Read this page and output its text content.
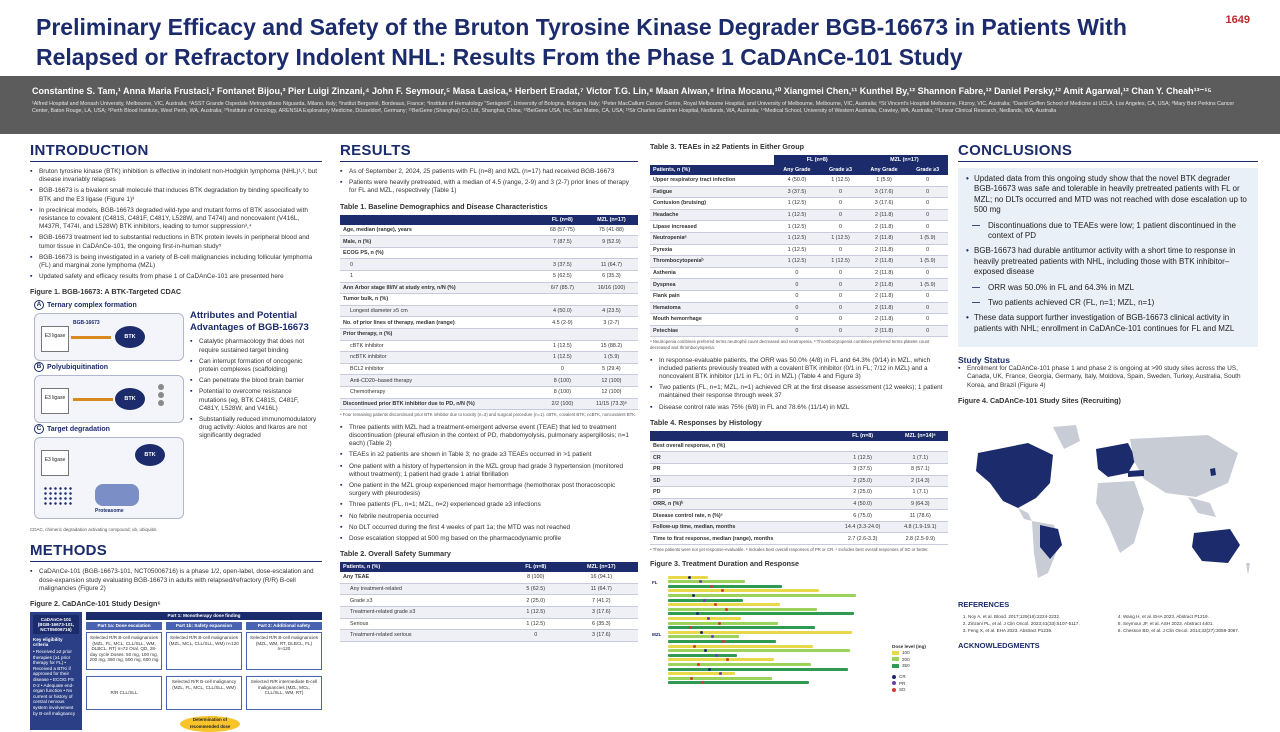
Preliminary Efficacy and Safety of the Bruton Tyrosine Kinase Degrader BGB-16673 in Patients With Relapsed or Refractory Indolent NHL: Results From the Phase 1 CaDAnCe-101 Study
1649
Constantine S. Tam,¹ Anna Maria Frustaci,² Fontanet Bijou,³ Pier Luigi Zinzani,⁴ John F. Seymour,⁵ Masa Lasica,⁶ Herbert Eradat,⁷ Victor T.G. Lin,⁸ Maan Alwan,⁹ Irina Mocanu,¹⁰ Xiangmei Chen,¹¹ Kunthel By,¹² Shannon Fabre,¹² Daniel Persky,¹² Amit Agarwal,¹² Chan Y. Cheah¹³⁻¹⁵
¹Alfred Hospital and Monash University, Melbourne, VIC, Australia; ²ASST Grande Ospedale Metropolitano Niguarda, Milano, Italy; ³Institut Bergonié, Bordeaux, France; ⁴Institute of Hematology "Seràgnoli", University of Bologna, Bologna, Italy; ⁵Peter MacCallum Cancer Centre, Royal Melbourne Hospital, and University of Melbourne, Melbourne, VIC, Australia; ⁶St Vincent's Hospital Melbourne, Fitzroy, VIC, Australia; ⁷David Geffen School of Medicine at UCLA, Los Angeles, CA, USA; ⁸Mary Bird Perkins Cancer Center, Baton Rouge, LA, USA; ⁹Perth Blood Institute, West Perth, WA, Australia; ¹⁰Institute of Oncology, ARENSIA Exploratory Medicine, Düsseldorf, Germany; ¹¹BeiGene (Shanghai) Co, Ltd, Shanghai, China; ¹²BeiGene USA, Inc, San Mateo, CA, USA; ¹³Sir Charles Gairdner Hospital, Nedlands, WA, Australia; ¹⁴Medical School, University of Western Australia, Crawley, WA, Australia; ¹⁵Linear Clinical Research, Nedlands, WA, Australia
INTRODUCTION
▪ Bruton tyrosine kinase (BTK) inhibition is effective in indolent non-Hodgkin lymphoma (NHL)¹,², but disease invariably relapses
▪ BGB-16673 is a bivalent small molecule that induces BTK degradation by binding specifically to BTK and the E3 ligase (Figure 1)³
▪ In preclinical models, BGB-16673 degraded wild-type and mutant forms of BTK associated with resistance to covalent (C481S, C481F, C481Y, L528W, and T474I) and noncovalent (V416L, M437R, T474I, and L528W) BTK inhibitors, leading to tumor suppression³,⁴
▪ BGB-16673 treatment led to substantial reductions in BTK protein levels in peripheral blood and tumor tissue in CaDAnCe-101, the ongoing first-in-human study⁵
▪ BGB-16673 is being investigated in a variety of B-cell malignancies including follicular lymphoma (FL) and marginal zone lymphoma (MZL)
▪ Updated safety and efficacy results from phase 1 of CaDAnCe-101 are presented here
Figure 1. BGB-16673: A BTK-Targeted CDAC
A Ternary complex formation
E3 ligase
BGB-16673
BTK
B Polyubiquitination
E3 ligase	BTK
C Target degradation
E3 ligase
BTK
Proteasome
Attributes and Potential Advantages of BGB-16673
▪ Catalytic pharmacology that does not require sustained target binding
▪ Can interrupt formation of oncogenic protein complexes (scaffolding)
▪ Can penetrate the blood brain barrier
▪ Potential to overcome resistance mutations (eg, BTK C481S, C481F, C481Y, L528W, and V416L)
▪ Substantially reduced immunomodulatory drug activity: Aiolos and Ikaros are not significantly degraded
CDAC, chimeric degradation activating compound; ub, ubiquitin.
METHODS
▪ CaDAnCe-101 (BGB-16673-101, NCT05006716) is a phase 1/2, open-label, dose-escalation and dose-expansion study evaluating BGB-16673 in adults with relapsed/refractory (R/R) B-cell malignancies (Figure 2)
Figure 2. CaDAnCe-101 Study Design⁶
CaDAnCe-101 (BGB-16673-101, NCT05006716)
Key eligibility criteria
• Received ≥2 prior therapies (≥1 prior therapy for FL) • Received a BTKi if approved for their disease • ECOG PS 0-2 • Adequate end-organ function • No current or history of central nervous system involvement by B-cell malignancy
Part 1: Monotherapy dose finding
Part 1a: Dose escalation	Part 1b: Safety expansion	Part 2: Additional safety
Selected R/R B-cell malignancies (MZL, FL, MCL, CLL/SLL, WM, DLBCL, RT) n≈72 Oral, QD, 28-day cycle Doses: 50 mg, 100 mg, 200 mg, 350 mg, 500 mg, 600 mg
Selected R/R B-cell malignancies (MZL, MCL, CLL/SLL, WM) n≈120
Selected R/R B-cell malignancies (MZL, WM, RT, DLBCL, FL) n≈120
R/R CLL/SLL
Selected R/R B-cell malignancy (MZL, FL, MCL, CLL/SLL, WM)
Selected R/R intermediate B-cell malignancies (MZL, MCL, CLL/SLL, WM, RT)
Determination of recommended dose
RESULTS
▪ As of September 2, 2024, 25 patients with FL (n=8) and MZL (n=17) had received BGB-16673
▪ Patients were heavily pretreated, with a median of 4.5 (range, 2-9) and 3 (2-7) prior lines of therapy for FL and MZL, respectively (Table 1)
Table 1. Baseline Demographics and Disease Characteristics
	FL (n=8)	MZL (n=17)
Age, median (range), years	68 (57-75)	75 (41-88)
Male, n (%)	7 (87.5)	9 (52.9)
ECOG PS, n (%)		
0	3 (37.5)	11 (64.7)
1	5 (62.5)	6 (35.3)
Ann Arbor stage III/IV at study entry, n/N (%)	6/7 (85.7)	16/16 (100)
Tumor bulk, n (%)		
Longest diameter ≥5 cm	4 (50.0)	4 (23.5)
No. of prior lines of therapy, median (range)	4.5 (2-9)	3 (2-7)
Prior therapy, n (%)		
cBTK inhibitor	1 (12.5)	15 (88.2)
ncBTK inhibitor	1 (12.5)	1 (5.9)
BCL2 inhibitor	0	5 (29.4)
Anti-CD20–based therapy	8 (100)	12 (100)
Chemotherapy	8 (100)	12 (100)
Discontinued prior BTK inhibitor due to PD, n/N (%)	2/2 (100)	11/15 (73.3)ᵃ
ᵃ Four remaining patients discontinued prior BTK inhibitor due to toxicity (n=3) and surgical procedure (n=1). cBTK, covalent BTK; ncBTK, noncovalent BTK.
▪ Three patients with MZL had a treatment-emergent adverse event (TEAE) that led to treatment discontinuation (pleural effusion in the context of PD, rhabdomyolysis, pulmonary aspergillosis; n=1 each) (Table 2)
▪ TEAEs in ≥2 patients are shown in Table 3; no grade ≥3 TEAEs occurred in >1 patient
▪ One patient with a history of hypertension in the MZL group had grade 3 hypertension (monitored without treatment); 1 patient had grade 1 atrial fibrillation
▪ One patient in the MZL group experienced major hemorrhage (hemothorax post thoracoscopic surgery with pleurodesis)
▪ Three patients (FL, n=1; MZL, n=2) experienced grade ≥3 infections
▪ No febrile neutropenia occurred
▪ No DLT occurred during the first 4 weeks of part 1a; the MTD was not reached
▪ Dose escalation stopped at 500 mg based on the pharmacodynamic profile
Table 2. Overall Safety Summary
Patients, n (%)	FL (n=8)	MZL (n=17)
Any TEAE	8 (100)	16 (94.1)
Any treatment-related	5 (62.5)	11 (64.7)
Grade ≥3	2 (25.0)	7 (41.2)
Treatment-related grade ≥3	1 (12.5)	3 (17.6)
Serious	1 (12.5)	6 (35.3)
Treatment-related serious	0	3 (17.6)
Table 3. TEAEs in ≥2 Patients in Either Group
	FL (n=8)		MZL (n=17)	
Patients, n (%)	Any Grade	Grade ≥3	Any Grade	Grade ≥3
Upper respiratory tract infection	4 (50.0)	1 (12.5)	1 (5.9)	0
Fatigue	3 (37.5)	0	3 (17.6)	0
Contusion (bruising)	1 (12.5)	0	3 (17.6)	0
Headache	1 (12.5)	0	2 (11.8)	0
Lipase increased	1 (12.5)	0	2 (11.8)	0
Neutropeniaᵃ	1 (12.5)	1 (12.5)	2 (11.8)	1 (5.9)
Pyrexia	1 (12.5)	0	2 (11.8)	0
Thrombocytopeniaᵇ	1 (12.5)	1 (12.5)	2 (11.8)	1 (5.9)
Asthenia	0	0	2 (11.8)	0
Dyspnea	0	0	2 (11.8)	1 (5.9)
Flank pain	0	0	2 (11.8)	0
Hematoma	0	0	2 (11.8)	0
Mouth hemorrhage	0	0	2 (11.8)	0
Petechiae	0	0	2 (11.8)	0
ᵃ Neutropenia combines preferred terms neutrophil count decreased and neutropenia. ᵇ Thrombocytopenia combines preferred terms platelet count decreased and thrombocytopenia.
▪ In response-evaluable patients, the ORR was 50.0% (4/8) in FL and 64.3% (9/14) in MZL, which included patients previously treated with a covalent BTK inhibitor (0/1 in FL; 7/12 in MZL) and a noncovalent BTK inhibitor (1/1 in FL; 0/1 in MZL) (Table 4 and Figure 3)
▪ Two patients (FL, n=1; MZL, n=1) achieved CR at the first disease assessment (12 weeks); 1 patient maintained their response through week 37
▪ Disease control rate was 75% (6/8) in FL and 78.6% (11/14) in MZL
Table 4. Responses by Histology
	FL (n=8)	MZL (n=14)ᵃ
Best overall response, n (%)		
CR	1 (12.5)	1 (7.1)
PR	3 (37.5)	8 (57.1)
SD	2 (25.0)	2 (14.3)
PD	2 (25.0)	1 (7.1)
ORR, n (%)ᵇ	4 (50.0)	9 (64.3)
Disease control rate, n (%)ᶜ	6 (75.0)	11 (78.6)
Follow-up time, median, months	14.4 (3.3-24.0)	4.8 (1.9-19.1)
Time to first response, median (range), months	2.7 (2.6-3.3)	2.8 (2.5-9.9)
ᵃ Three patients were not yet response-evaluable. ᵇ Includes best overall responses of PR or CR. ᶜ Includes best overall responses of SD or better.
Figure 3. Treatment Duration and Response
FL
MZL
Dose level (mg)
100
200
350
CR
PR
SD
CONCLUSIONS
• Updated data from this ongoing study show that the novel BTK degrader BGB-16673 was safe and tolerable in heavily pretreated patients with FL or MZL; no DLTs occurred and MTD was not reached with dose escalation up to 500 mg
— Discontinuations due to TEAEs were low; 1 patient discontinued in the context of PD
• BGB-16673 had durable antitumor activity with a short time to response in heavily pretreated patients with NHL, including those with BTK inhibitor–exposed disease
— ORR was 50.0% in FL and 64.3% in MZL
— Two patients achieved CR (FL, n=1; MZL, n=1)
• These data support further investigation of BGB-16673 clinical activity in patients with NHL; enrollment in CaDAnCe-101 continues for FL and MZL
Study Status
▪ Enrollment for CaDAnCe-101 phase 1 and phase 2 is ongoing at >90 study sites across the US, Canada, UK, France, Georgia, Germany, Italy, Moldova, Spain, Sweden, Turkey, Australia, South Korea, and Brazil (Figure 4)
Figure 4. CaDAnCe-101 Study Sites (Recruiting)
REFERENCES
1. Noy A, et al. Blood. 2017;129(16):2224-2232.
2. Zinzani PL, et al. J Clin Oncol. 2023;41(33):5107-5117.
3. Feng X, et al. EHA 2023. Abstract P1239.
4. Wang H, et al. EHA 2023. Abstract P1219.
5. Seymour JF, et al. ASH 2023. Abstract 4401.
6. Chesson BD, et al. J Clin Oncol. 2014;32(27):3059-3067.
ACKNOWLEDGMENTS
